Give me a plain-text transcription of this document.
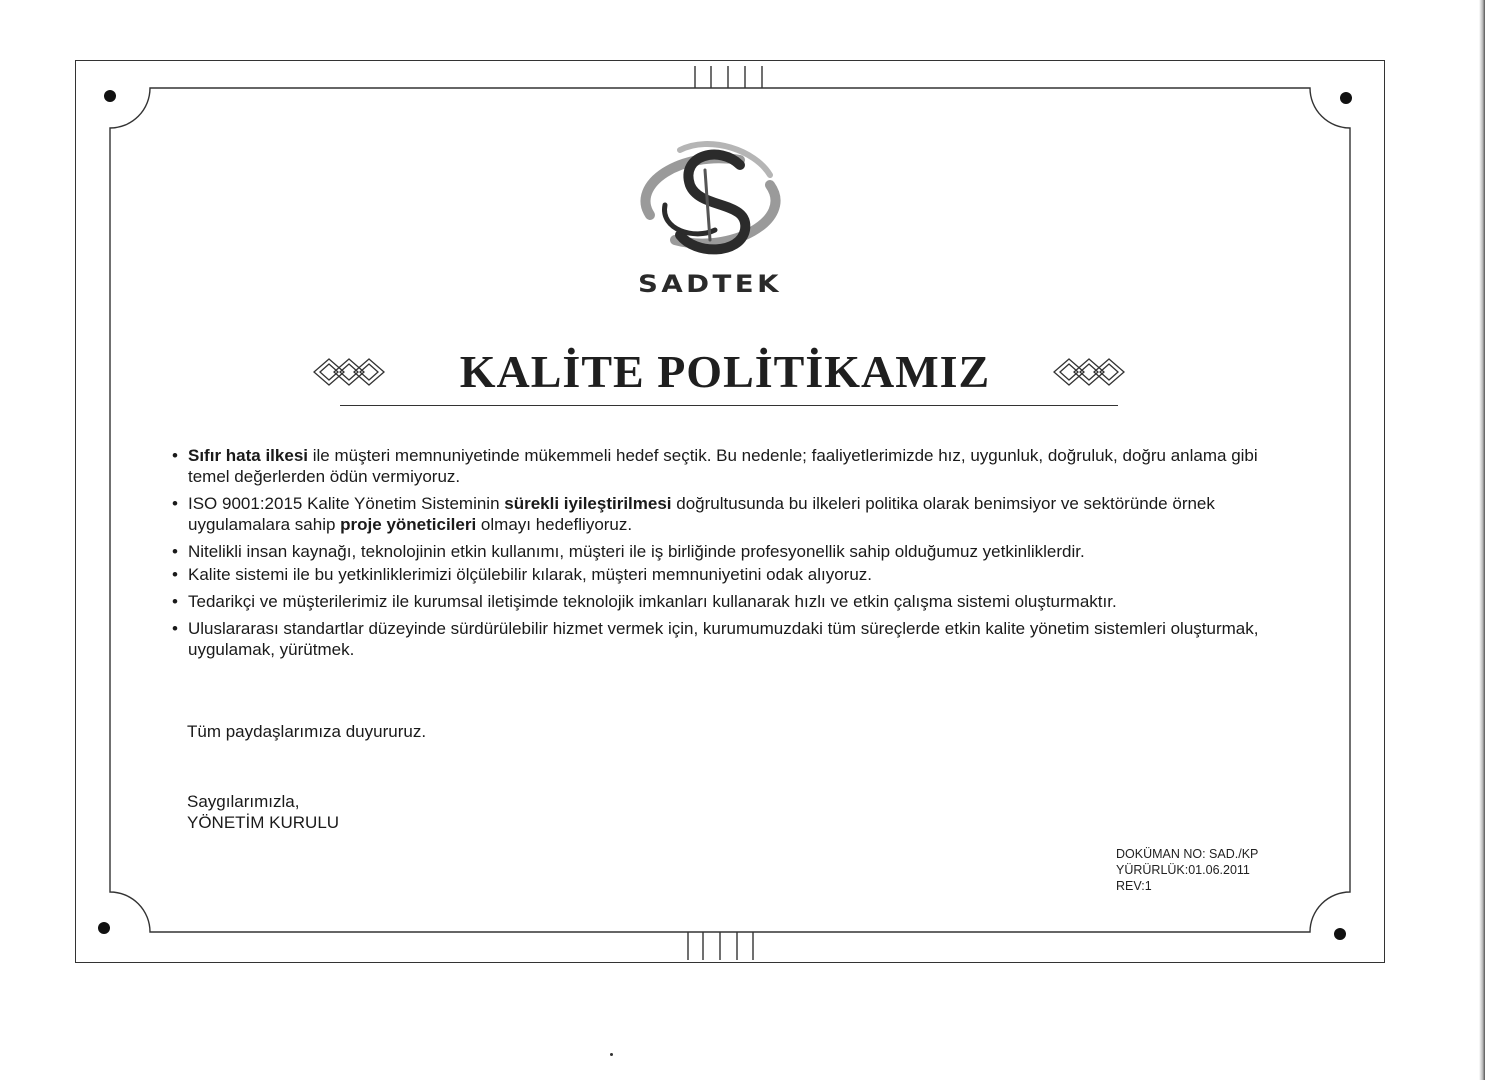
SADTEK
KALİTE POLİTİKAMIZ
• Sıfır hata ilkesi ile müşteri memnuniyetinde mükemmeli hedef seçtik. Bu nedenle; faaliyetlerimizde hız, uygunluk, doğruluk, doğru anlama gibi temel değerlerden ödün vermiyoruz.
• ISO 9001:2015 Kalite Yönetim Sisteminin sürekli iyileştirilmesi doğrultusunda bu ilkeleri politika olarak benimsiyor ve sektöründe örnek uygulamalara sahip proje yöneticileri olmayı hedefliyoruz.
• Nitelikli insan kaynağı, teknolojinin etkin kullanımı, müşteri ile iş birliğinde profesyonellik sahip olduğumuz yetkinliklerdir.
• Kalite sistemi ile bu yetkinliklerimizi ölçülebilir kılarak, müşteri memnuniyetini odak alıyoruz.
• Tedarikçi ve müşterilerimiz ile kurumsal iletişimde teknolojik imkanları kullanarak hızlı ve etkin çalışma sistemi oluşturmaktır.
• Uluslararası standartlar düzeyinde sürdürülebilir hizmet vermek için, kurumumuzdaki tüm süreçlerde etkin kalite yönetim sistemleri oluşturmak, uygulamak, yürütmek.
Tüm paydaşlarımıza duyururuz.
Saygılarımızla,
YÖNETİM KURULU
DOKÜMAN NO: SAD./KP
YÜRÜRLÜK:01.06.2011
REV:1
